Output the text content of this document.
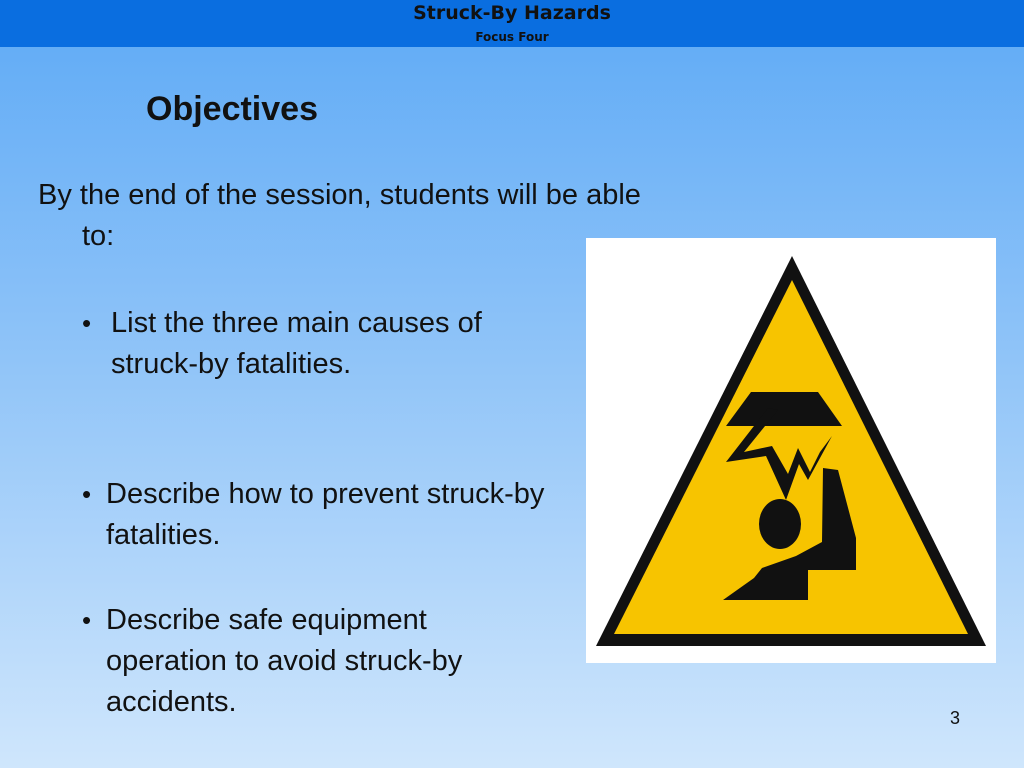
Struck-By Hazards
Focus Four
Objectives
By the end of the session, students will be able to:
• List the three main causes of struck-by fatalities.
• Describe how to prevent struck-by fatalities.
• Describe safe equipment operation to avoid struck-by accidents.	3
